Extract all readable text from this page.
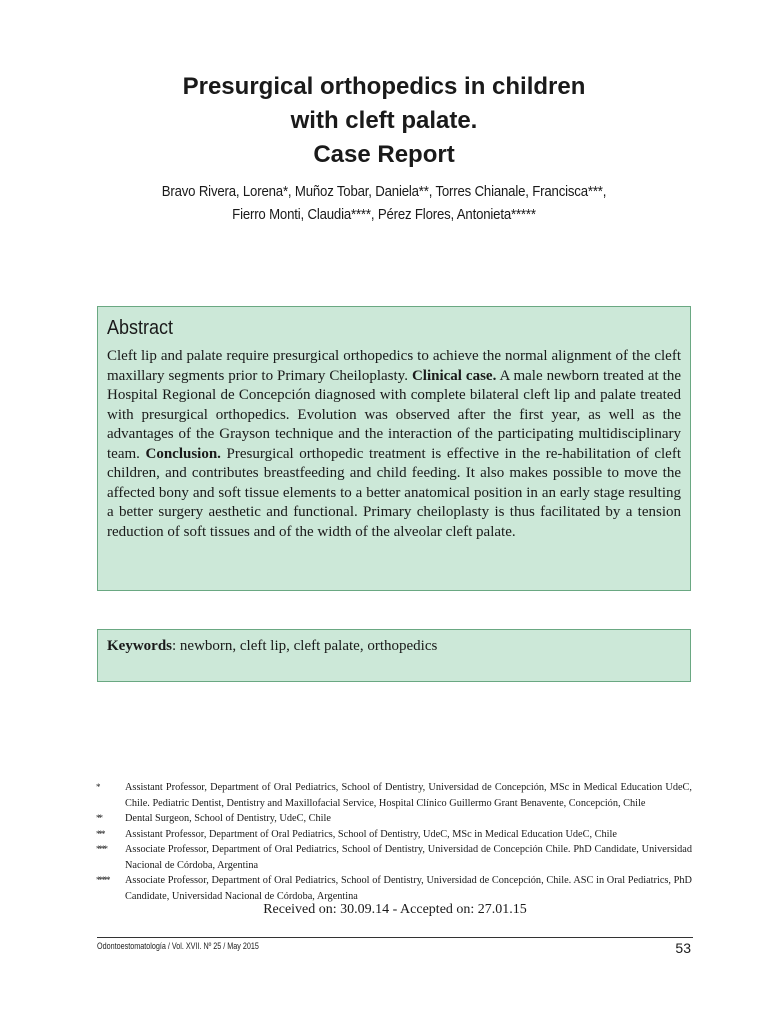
Presurgical orthopedics in children
with cleft palate.
Case Report
Bravo Rivera, Lorena*, Muñoz Tobar, Daniela**, Torres Chianale, Francisca***,
Fierro Monti, Claudia****, Pérez Flores, Antonieta*****
Abstract
Cleft lip and palate require presurgical orthopedics to achieve the normal alignment of the cleft maxillary segments prior to Primary Cheiloplasty. Clinical case. A male newborn treated at the Hospital Regional de Concepción diagnosed with complete bilateral cleft lip and palate treated with presurgical orthopedics. Evolution was observed after the first year, as well as the advantages of the Grayson technique and the interaction of the participating multidisciplinary team. Conclusion. Presurgical orthopedic treatment is effective in the re-habilitation of cleft children, and contributes breastfeeding and child feeding. It also makes possible to move the affected bony and soft tissue elements to a better anatomical position in an early stage resulting a better surgery aesthetic and functional. Primary cheiloplasty is thus facilitated by a tension reduction of soft tissues and of the width of the alveolar cleft palate.
Keywords: newborn, cleft lip, cleft palate, orthopedics
*	Assistant Professor, Department of Oral Pediatrics, School of Dentistry, Universidad de Concepción, MSc in Medical Education UdeC, Chile. Pediatric Dentist, Dentistry and Maxillofacial Service, Hospital Clínico Guillermo Grant Benavente, Concepción, Chile
**	Dental Surgeon, School of Dentistry, UdeC, Chile
***	Assistant Professor, Department of Oral Pediatrics, School of Dentistry, UdeC, MSc in Medical Education UdeC, Chile
****	Associate Professor, Department of Oral Pediatrics, School of Dentistry, Universidad de Concepción Chile. PhD Candidate, Universidad Nacional de Córdoba, Argentina
*****	Associate Professor, Department of Oral Pediatrics, School of Dentistry, Universidad de Concepción, Chile. ASC in Oral Pediatrics, PhD Candidate, Universidad Nacional de Córdoba, Argentina
Received on: 30.09.14 - Accepted on: 27.01.15
Odontoestomatología / Vol. XVII. Nº 25 / May 2015	53
